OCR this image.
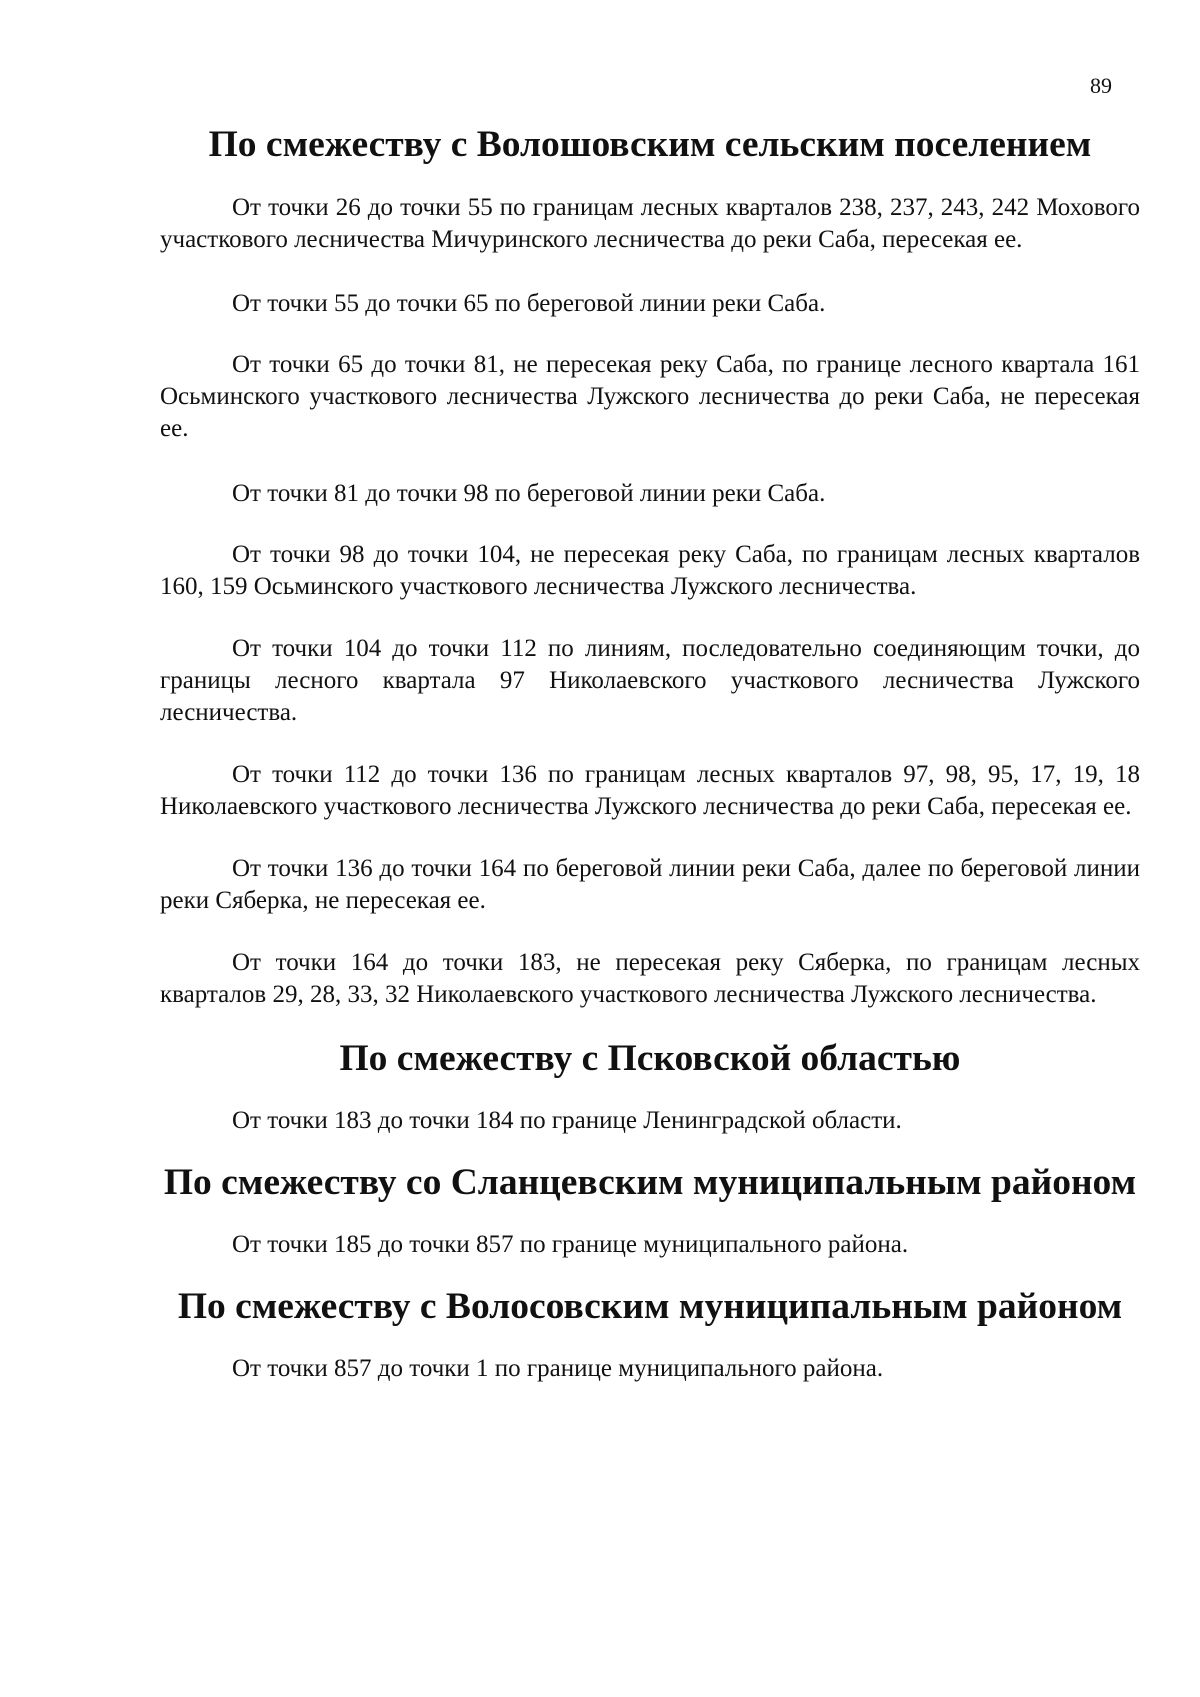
89
По смежеству с Волошовским сельским поселением

От точки 26 до точки 55 по границам лесных кварталов 238, 237, 243, 242 Мохового участкового лесничества Мичуринского лесничества до реки Саба, пересекая ее.

От точки 55 до точки 65 по береговой линии реки Саба.

От точки 65 до точки 81, не пересекая реку Саба, по границе лесного квартала 161 Осьминского участкового лесничества Лужского лесничества до реки Саба, не пересекая ее.

От точки 81 до точки 98 по береговой линии реки Саба.

От точки 98 до точки 104, не пересекая реку Саба, по границам лесных кварталов 160, 159 Осьминского участкового лесничества Лужского лесничества.

От точки 104 до точки 112 по линиям, последовательно соединяющим точки, до границы лесного квартала 97 Николаевского участкового лесничества Лужского лесничества.

От точки 112 до точки 136 по границам лесных кварталов 97, 98, 95, 17, 19, 18 Николаевского участкового лесничества Лужского лесничества до реки Саба, пересекая ее.

От точки 136 до точки 164 по береговой линии реки Саба, далее по береговой линии реки Сяберка, не пересекая ее.

От точки 164 до точки 183, не пересекая реку Сяберка, по границам лесных кварталов 29, 28, 33, 32 Николаевского участкового лесничества Лужского лесничества.

По смежеству с Псковской областью

От точки 183 до точки 184 по границе Ленинградской области.

По смежеству со Сланцевским муниципальным районом

От точки 185 до точки 857 по границе муниципального района.

По смежеству с Волосовским муниципальным районом

От точки 857 до точки 1 по границе муниципального района.
